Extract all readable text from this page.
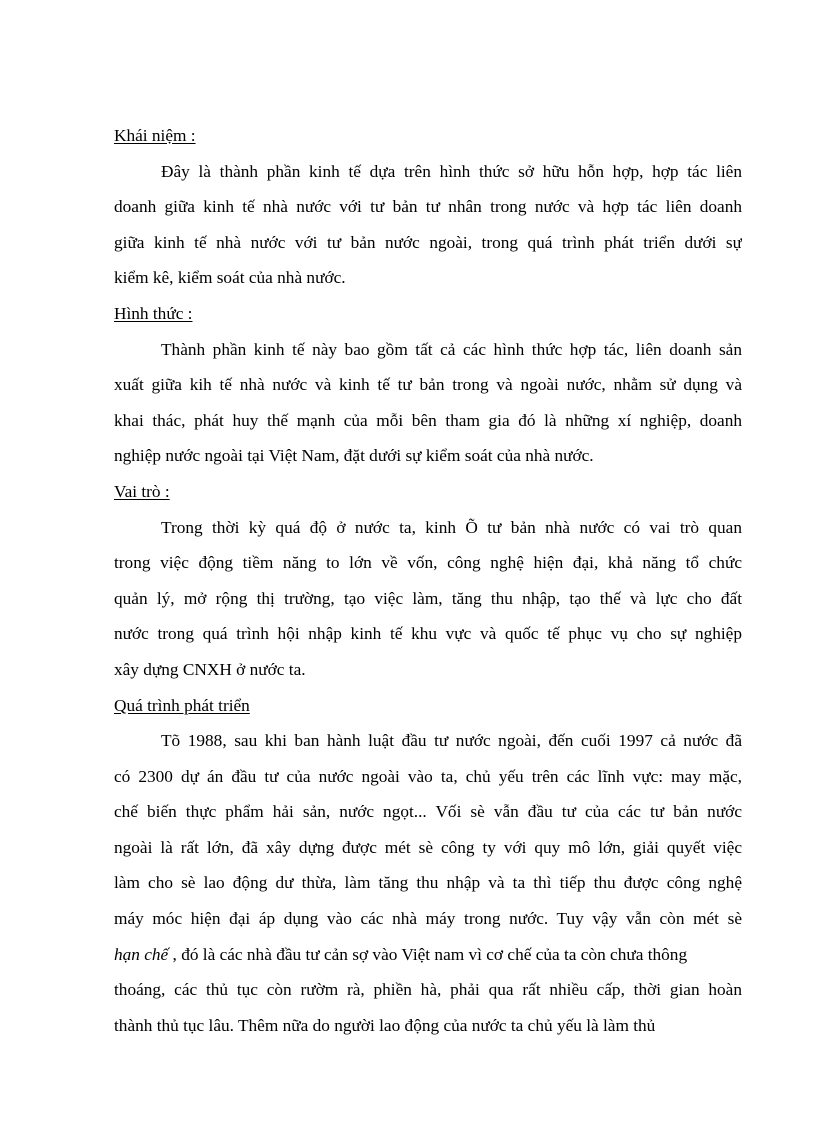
Khái niệm :

Đây là thành phần kinh tế dựa trên hình thức sở hữu hỗn hợp, hợp tác liên
doanh giữa kinh tế nhà nước với tư bản tư nhân trong nước và hợp tác liên doanh
giữa kinh tế nhà nước với tư bản nước ngoài, trong quá trình phát triển dưới sự
kiểm kê, kiểm soát của nhà nước.

Hình thức :

Thành phần kinh tế này bao gồm tất cả các hình thức hợp tác, liên doanh sản
xuất giữa kih tế nhà nước và kinh tế tư bản trong và ngoài nước, nhằm sử dụng và
khai thác, phát huy thế mạnh của mỗi bên tham gia đó là những xí nghiệp, doanh
nghiệp nước ngoài tại Việt Nam, đặt dưới sự kiểm soát của nhà nước.

Vai trò :

Trong thời kỳ quá độ ở nước ta, kinh Õ tư bản nhà nước có vai trò quan
trong việc động tiềm năng to lớn về vốn, công nghệ hiện đại, khả năng tổ chức
quản lý, mở rộng thị trường, tạo việc làm, tăng thu nhập, tạo thế và lực cho đất
nước trong quá trình hội nhập kinh tế khu vực và quốc tế phục vụ cho sự nghiệp
xây dựng CNXH ở nước ta.

Quá trình phát triển

Tõ 1988, sau khi ban hành luật đầu tư nước ngoài, đến cuối 1997 cả nước đã
có 2300 dự án đầu tư của nước ngoài vào ta, chủ yếu trên các lĩnh vực: may mặc,
chế biến thực phẩm hải sản, nước ngọt... Vối sè vẫn đầu tư của các tư bản nước
ngoài là rất lớn, đã xây dựng được mét sè công ty với quy mô lớn, giải quyết việc
làm cho sè lao động dư thừa, làm tăng thu nhập và ta thì tiếp thu được công nghệ
máy móc hiện đại áp dụng vào các nhà máy trong nước. Tuy vậy vẫn còn mét sè
hạn chế , đó là các nhà đầu tư cản sợ vào Việt nam vì cơ chế của ta còn chưa thông
thoáng, các thủ tục còn rườm rà, phiền hà, phải qua rất nhiều cấp, thời gian hoàn
thành thủ tục lâu. Thêm nữa do người lao động của nước ta chủ yếu là làm thủ
